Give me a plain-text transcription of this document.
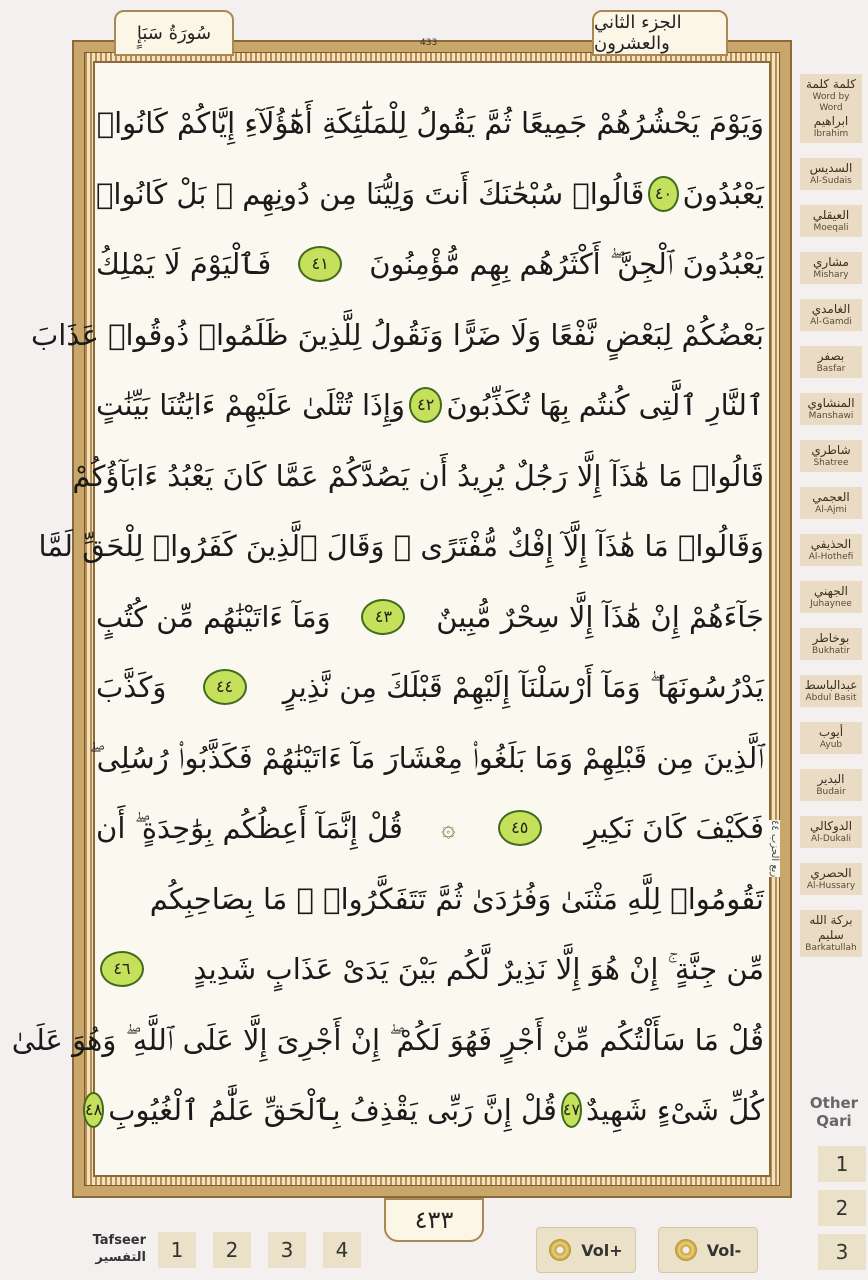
سُورَةُ سَبَإٍ	الجزء الثاني والعشرون
433
وَيَوْمَ يَحْشُرُهُمْ جَمِيعًا ثُمَّ يَقُولُ لِلْمَلَٰٓئِكَةِ أَهَٰٓؤُلَآءِ إِيَّاكُمْ كَانُوا۟
يَعْبُدُونَ
٤٠
قَالُوا۟ سُبْحَٰنَكَ أَنتَ وَلِيُّنَا مِن دُونِهِم ۖ بَلْ كَانُوا۟
يَعْبُدُونَ ٱلْجِنَّ ۖ أَكْثَرُهُم بِهِم مُّؤْمِنُونَ
٤١
فَٱلْيَوْمَ لَا يَمْلِكُ
بَعْضُكُمْ لِبَعْضٍ نَّفْعًا وَلَا ضَرًّا وَنَقُولُ لِلَّذِينَ ظَلَمُوا۟ ذُوقُوا۟ عَذَابَ
ٱلنَّارِ ٱلَّتِى كُنتُم بِهَا تُكَذِّبُونَ
٤٢
وَإِذَا تُتْلَىٰ عَلَيْهِمْ ءَايَٰتُنَا بَيِّنَٰتٍ
قَالُوا۟ مَا هَٰذَآ إِلَّا رَجُلٌ يُرِيدُ أَن يَصُدَّكُمْ عَمَّا كَانَ يَعْبُدُ ءَابَآؤُكُمْ
وَقَالُوا۟ مَا هَٰذَآ إِلَّآ إِفْكٌ مُّفْتَرًى ۚ وَقَالَ ٱلَّذِينَ كَفَرُوا۟ لِلْحَقِّ لَمَّا
جَآءَهُمْ إِنْ هَٰذَآ إِلَّا سِحْرٌ مُّبِينٌ
٤٣
وَمَآ ءَاتَيْنَٰهُم مِّن كُتُبٍ
يَدْرُسُونَهَا ۖ وَمَآ أَرْسَلْنَآ إِلَيْهِمْ قَبْلَكَ مِن نَّذِيرٍ
٤٤
وَكَذَّبَ
ٱلَّذِينَ مِن قَبْلِهِمْ وَمَا بَلَغُوا۟ مِعْشَارَ مَآ ءَاتَيْنَٰهُمْ فَكَذَّبُوا۟ رُسُلِى ۖ
فَكَيْفَ كَانَ نَكِيرِ
٤٥
۞
قُلْ إِنَّمَآ أَعِظُكُم بِوَٰحِدَةٍ ۖ أَن
تَقُومُوا۟ لِلَّهِ مَثْنَىٰ وَفُرَٰدَىٰ ثُمَّ تَتَفَكَّرُوا۟ ۚ مَا بِصَاحِبِكُم
مِّن جِنَّةٍ ۚ إِنْ هُوَ إِلَّا نَذِيرٌ لَّكُم بَيْنَ يَدَىْ عَذَابٍ شَدِيدٍ
٤٦
قُلْ مَا سَأَلْتُكُم مِّنْ أَجْرٍ فَهُوَ لَكُمْ ۖ إِنْ أَجْرِىَ إِلَّا عَلَى ٱللَّهِ ۖ وَهُوَ عَلَىٰ
كُلِّ شَىْءٍ شَهِيدٌ
٤٧
قُلْ إِنَّ رَبِّى يَقْذِفُ بِٱلْحَقِّ عَلَّٰمُ ٱلْغُيُوبِ
٤٨
ربع الحزب ٤٤
٤٣٣
كلمة كلمة
Word by Word
ابراهيم
Ibrahim
السديس
Al-Sudais
العيقلي
Moeqali
مشاري
Mishary
الغامدي
Al-Gamdi
بصفر
Basfar
المنشاوي
Manshawi
شاطري
Shatree
العجمي
Al-Ajmi
الحذيفي
Al-Hothefi
الجهني
Juhaynee
بوخاطر
Bukhatir
عبدالباسط
Abdul Basit
أيوب
Ayub
البدير
Budair
الدوكالي
Al-Dukali
الحصري
Al-Hussary
بركة الله سليم
Barkatullah
Other Qari
1
2
3
Tafseer
التفسير	1	2	3	4	Vol+	Vol-
